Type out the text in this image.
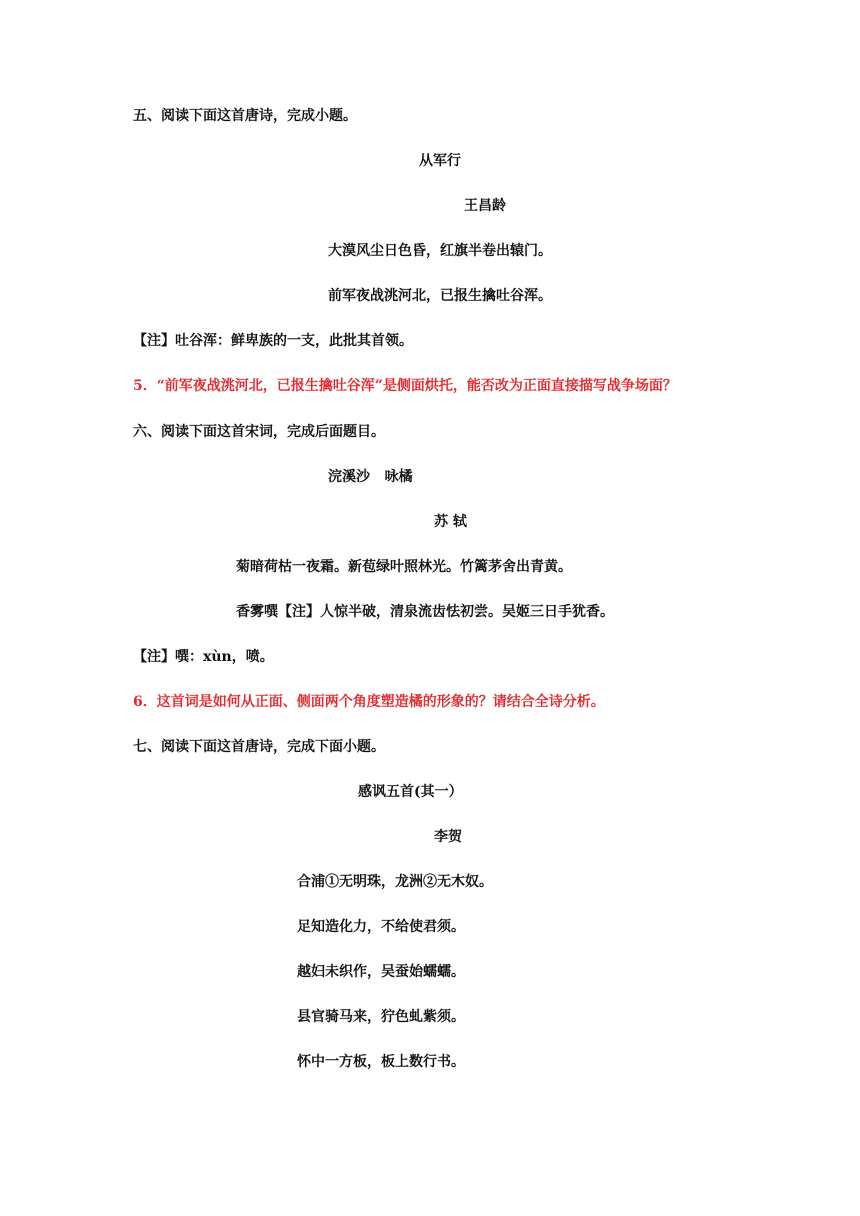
五、阅读下面这首唐诗，完成小题。
从军行
王昌龄
大漠风尘日色昏，红旗半卷出辕门。
前军夜战洮河北，已报生擒吐谷浑。
【注】吐谷浑：鲜卑族的一支，此批其首领。
5．“前军夜战洮河北，已报生擒吐谷浑”是侧面烘托，能否改为正面直接描写战争场面？
六、阅读下面这首宋词，完成后面题目。
浣溪沙   咏橘
苏 轼
菊暗荷枯一夜霜。新苞绿叶照林光。竹篱茅舍出青黄。
香雾噀【注】人惊半破，清泉流齿怯初尝。吴姬三日手犹香。
【注】噀：xùn，喷。
6．这首词是如何从正面、侧面两个角度塑造橘的形象的？请结合全诗分析。
七、阅读下面这首唐诗，完成下面小题。
感讽五首(其一）
李贺
合浦①无明珠，龙洲②无木奴。
足知造化力，不给使君须。
越妇未织作，吴蚕始蠕蠕。
县官骑马来，狞色虬紫须。
怀中一方板，板上数行书。
